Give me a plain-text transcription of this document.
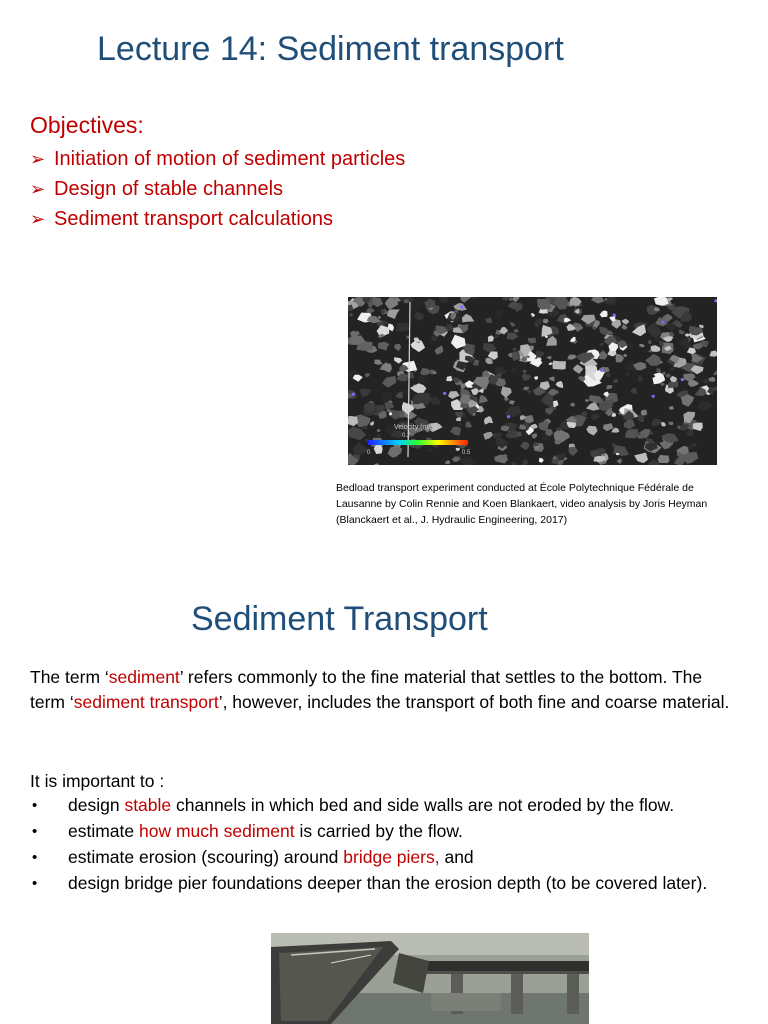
Lecture 14: Sediment transport
Objectives:
➢ Initiation of motion of sediment particles
➢ Design of stable channels
➢ Sediment transport calculations
Velocity (m/s)
0.2
0	0.5
Bedload transport experiment conducted at École Polytechnique Fédérale de
Lausanne by Colin Rennie and Koen Blankaert, video analysis by Joris Heyman
(Blanckaert et al., J. Hydraulic Engineering, 2017)
Sediment Transport
The term ‘sediment’ refers commonly to the fine material that settles to the bottom. The term ‘sediment transport’, however, includes the transport of both fine and coarse material.
It is important to :
• design stable channels in which bed and side walls are not eroded by the flow.
• estimate how much sediment is carried by the flow.
• estimate erosion (scouring) around bridge piers, and
• design bridge pier foundations deeper than the erosion depth (to be covered later).
